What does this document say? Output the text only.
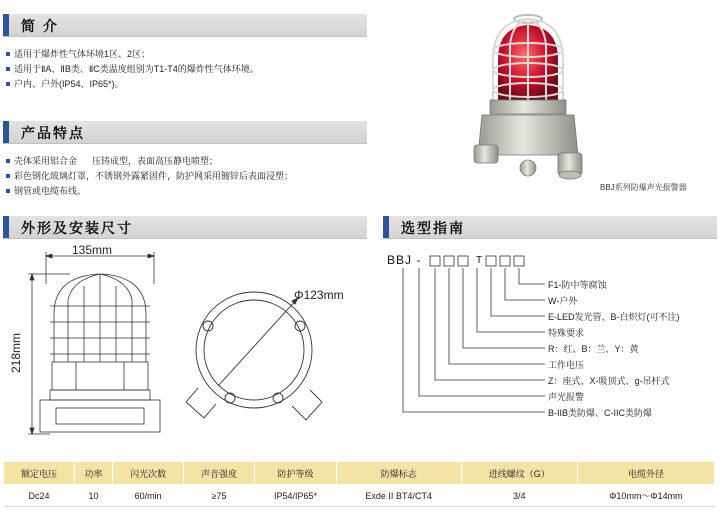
简 介
产品特点
外形及安装尺寸	选型指南
适用于爆炸性气体环境1区、2区；
适用于ⅡA、ⅡB类、ⅡC类温度组别为T1-T4的爆炸性气体环境。
户内、户外(IP54、IP65*)。
壳体采用铝合金      压铸成型，表面高压静电喷塑；
彩色钢化玻璃灯罩，不锈钢外露紧固件，防护网采用镀锌后表面浸塑；
钢管或电缆布线。	BBJ系列防爆声光报警器
135mm
218mm
Φ123mm
BBJ -	T
F1-防中等腐蚀
W-户外
E-LED发光管、B-白炽灯(可不注)
特殊要求
R：红、B：兰、Y：黄
工作电压
Z：座式、X-吸顶式、g-吊杆式
声光报警
B-IIB类防爆、C-IIC类防爆
额定电压	功率	闪光次数	声音强度	防护等级	防爆标志	进线螺纹（G）	电缆外径
Dc24	10	60/min	≥75	IP54/IP65*	Exde II BT4/CT4	3/4	Φ10mm～Φ14mm
